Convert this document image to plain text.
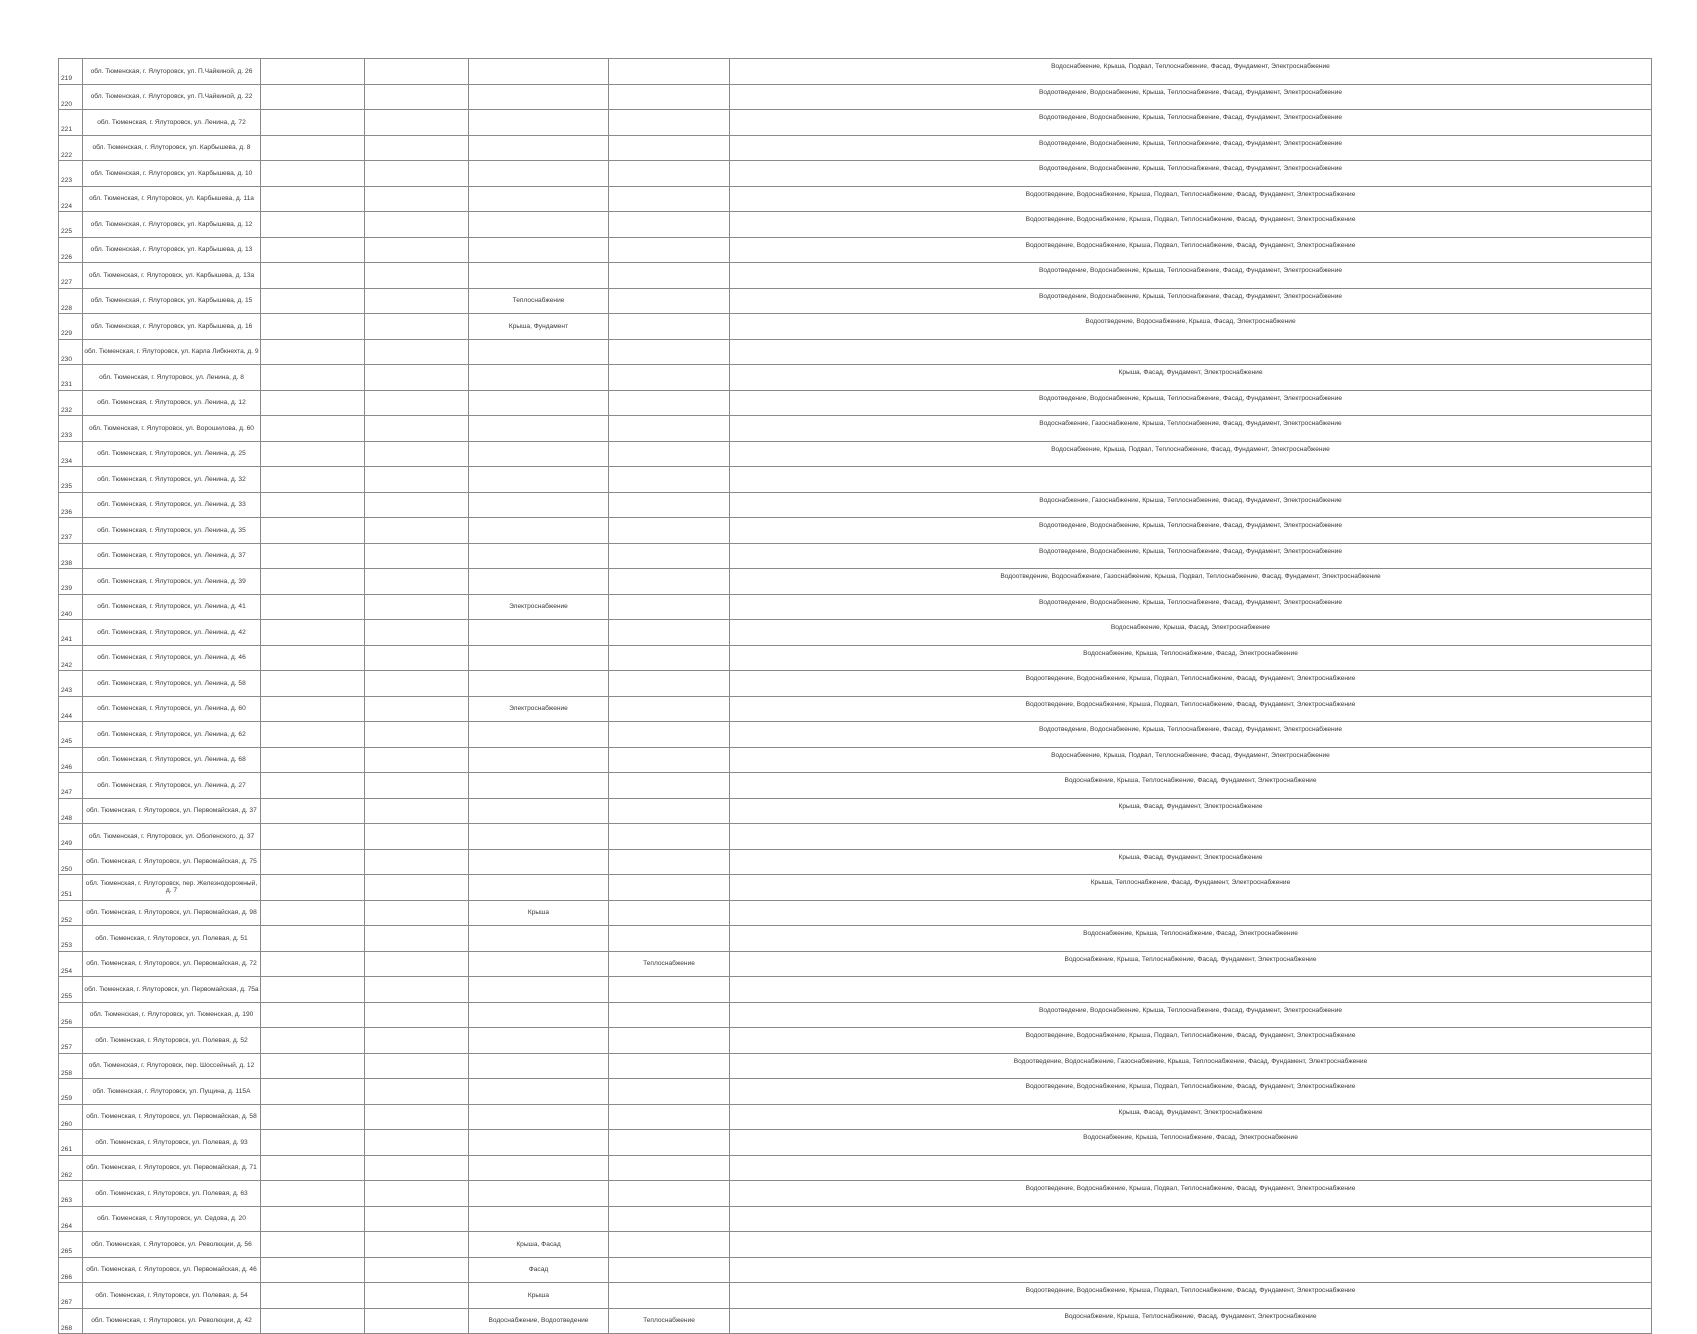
219	обл. Тюменская, г. Ялуторовск, ул. П.Чайкиной, д. 26					Водоснабжение, Крыша, Подвал, Теплоснабжение, Фасад, Фундамент, Электроснабжение
220	обл. Тюменская, г. Ялуторовск, ул. П.Чайкиной, д. 22					Водоотведение, Водоснабжение, Крыша, Теплоснабжение, Фасад, Фундамент, Электроснабжение
221	обл. Тюменская, г. Ялуторовск, ул. Ленина, д. 72					Водоотведение, Водоснабжение, Крыша, Теплоснабжение, Фасад, Фундамент, Электроснабжение
222	обл. Тюменская, г. Ялуторовск, ул. Карбышева, д. 8					Водоотведение, Водоснабжение, Крыша, Теплоснабжение, Фасад, Фундамент, Электроснабжение
223	обл. Тюменская, г. Ялуторовск, ул. Карбышева, д. 10					Водоотведение, Водоснабжение, Крыша, Теплоснабжение, Фасад, Фундамент, Электроснабжение
224	обл. Тюменская, г. Ялуторовск, ул. Карбышева, д. 11а					Водоотведение, Водоснабжение, Крыша, Подвал, Теплоснабжение, Фасад, Фундамент, Электроснабжение
225	обл. Тюменская, г. Ялуторовск, ул. Карбышева, д. 12					Водоотведение, Водоснабжение, Крыша, Подвал, Теплоснабжение, Фасад, Фундамент, Электроснабжение
226	обл. Тюменская, г. Ялуторовск, ул. Карбышева, д. 13					Водоотведение, Водоснабжение, Крыша, Подвал, Теплоснабжение, Фасад, Фундамент, Электроснабжение
227	обл. Тюменская, г. Ялуторовск, ул. Карбышева, д. 13а					Водоотведение, Водоснабжение, Крыша, Теплоснабжение, Фасад, Фундамент, Электроснабжение
228	обл. Тюменская, г. Ялуторовск, ул. Карбышева, д. 15			Теплоснабжение		Водоотведение, Водоснабжение, Крыша, Теплоснабжение, Фасад, Фундамент, Электроснабжение
229	обл. Тюменская, г. Ялуторовск, ул. Карбышева, д. 16			Крыша, Фундамент		Водоотведение, Водоснабжение, Крыша, Фасад, Электроснабжение
230	обл. Тюменская, г. Ялуторовск, ул. Карла Либкнехта, д. 9					
231	обл. Тюменская, г. Ялуторовск, ул. Ленина, д. 8					Крыша, Фасад, Фундамент, Электроснабжение
232	обл. Тюменская, г. Ялуторовск, ул. Ленина, д. 12					Водоотведение, Водоснабжение, Крыша, Теплоснабжение, Фасад, Фундамент, Электроснабжение
233	обл. Тюменская, г. Ялуторовск, ул. Ворошилова, д. 60					Водоснабжение, Газоснабжение, Крыша, Теплоснабжение, Фасад, Фундамент, Электроснабжение
234	обл. Тюменская, г. Ялуторовск, ул. Ленина, д. 25					Водоснабжение, Крыша, Подвал, Теплоснабжение, Фасад, Фундамент, Электроснабжение
235	обл. Тюменская, г. Ялуторовск, ул. Ленина, д. 32					
236	обл. Тюменская, г. Ялуторовск, ул. Ленина, д. 33					Водоснабжение, Газоснабжение, Крыша, Теплоснабжение, Фасад, Фундамент, Электроснабжение
237	обл. Тюменская, г. Ялуторовск, ул. Ленина, д. 35					Водоотведение, Водоснабжение, Крыша, Теплоснабжение, Фасад, Фундамент, Электроснабжение
238	обл. Тюменская, г. Ялуторовск, ул. Ленина, д. 37					Водоотведение, Водоснабжение, Крыша, Теплоснабжение, Фасад, Фундамент, Электроснабжение
239	обл. Тюменская, г. Ялуторовск, ул. Ленина, д. 39					Водоотведение, Водоснабжение, Газоснабжение, Крыша, Подвал, Теплоснабжение, Фасад, Фундамент, Электроснабжение
240	обл. Тюменская, г. Ялуторовск, ул. Ленина, д. 41			Электроснабжение		Водоотведение, Водоснабжение, Крыша, Теплоснабжение, Фасад, Фундамент, Электроснабжение
241	обл. Тюменская, г. Ялуторовск, ул. Ленина, д. 42					Водоснабжение, Крыша, Фасад, Электроснабжение
242	обл. Тюменская, г. Ялуторовск, ул. Ленина, д. 46					Водоснабжение, Крыша, Теплоснабжение, Фасад, Электроснабжение
243	обл. Тюменская, г. Ялуторовск, ул. Ленина, д. 58					Водоотведение, Водоснабжение, Крыша, Подвал, Теплоснабжение, Фасад, Фундамент, Электроснабжение
244	обл. Тюменская, г. Ялуторовск, ул. Ленина, д. 60			Электроснабжение		Водоотведение, Водоснабжение, Крыша, Подвал, Теплоснабжение, Фасад, Фундамент, Электроснабжение
245	обл. Тюменская, г. Ялуторовск, ул. Ленина, д. 62					Водоотведение, Водоснабжение, Крыша, Теплоснабжение, Фасад, Фундамент, Электроснабжение
246	обл. Тюменская, г. Ялуторовск, ул. Ленина, д. 68					Водоснабжение, Крыша, Подвал, Теплоснабжение, Фасад, Фундамент, Электроснабжение
247	обл. Тюменская, г. Ялуторовск, ул. Ленина, д. 27					Водоснабжение, Крыша, Теплоснабжение, Фасад, Фундамент, Электроснабжение
248	обл. Тюменская, г. Ялуторовск, ул. Первомайская, д. 37					Крыша, Фасад, Фундамент, Электроснабжение
249	обл. Тюменская, г. Ялуторовск, ул. Оболенского, д. 37					
250	обл. Тюменская, г. Ялуторовск, ул. Первомайская, д. 75					Крыша, Фасад, Фундамент, Электроснабжение
251	обл. Тюменская, г. Ялуторовск, пер. Железнодорожный, д. 7					Крыша, Теплоснабжение, Фасад, Фундамент, Электроснабжение
252	обл. Тюменская, г. Ялуторовск, ул. Первомайская, д. 98			Крыша		
253	обл. Тюменская, г. Ялуторовск, ул. Полевая, д. 51					Водоснабжение, Крыша, Теплоснабжение, Фасад, Электроснабжение
254	обл. Тюменская, г. Ялуторовск, ул. Первомайская, д. 72				Теплоснабжение	Водоснабжение, Крыша, Теплоснабжение, Фасад, Фундамент, Электроснабжение
255	обл. Тюменская, г. Ялуторовск, ул. Первомайская, д. 75а					
256	обл. Тюменская, г. Ялуторовск, ул. Тюменская, д. 190					Водоотведение, Водоснабжение, Крыша, Теплоснабжение, Фасад, Фундамент, Электроснабжение
257	обл. Тюменская, г. Ялуторовск, ул. Полевая, д. 52					Водоотведение, Водоснабжение, Крыша, Подвал, Теплоснабжение, Фасад, Фундамент, Электроснабжение
258	обл. Тюменская, г. Ялуторовск, пер. Шоссейный, д. 12					Водоотведение, Водоснабжение, Газоснабжение, Крыша, Теплоснабжение, Фасад, Фундамент, Электроснабжение
259	обл. Тюменская, г. Ялуторовск, ул. Пущина, д. 115А					Водоотведение, Водоснабжение, Крыша, Подвал, Теплоснабжение, Фасад, Фундамент, Электроснабжение
260	обл. Тюменская, г. Ялуторовск, ул. Первомайская, д. 58					Крыша, Фасад, Фундамент, Электроснабжение
261	обл. Тюменская, г. Ялуторовск, ул. Полевая, д. 93					Водоснабжение, Крыша, Теплоснабжение, Фасад, Электроснабжение
262	обл. Тюменская, г. Ялуторовск, ул. Первомайская, д. 71					
263	обл. Тюменская, г. Ялуторовск, ул. Полевая, д. 63					Водоотведение, Водоснабжение, Крыша, Подвал, Теплоснабжение, Фасад, Фундамент, Электроснабжение
264	обл. Тюменская, г. Ялуторовск, ул. Седова, д. 20					
265	обл. Тюменская, г. Ялуторовск, ул. Революции, д. 56			Крыша, Фасад		
266	обл. Тюменская, г. Ялуторовск, ул. Первомайская, д. 46			Фасад		
267	обл. Тюменская, г. Ялуторовск, ул. Полевая, д. 54			Крыша		Водоотведение, Водоснабжение, Крыша, Подвал, Теплоснабжение, Фасад, Фундамент, Электроснабжение
268	обл. Тюменская, г. Ялуторовск, ул. Революции, д. 42			Водоснабжение, Водоотведение	Теплоснабжение	Водоснабжение, Крыша, Теплоснабжение, Фасад, Фундамент, Электроснабжение
